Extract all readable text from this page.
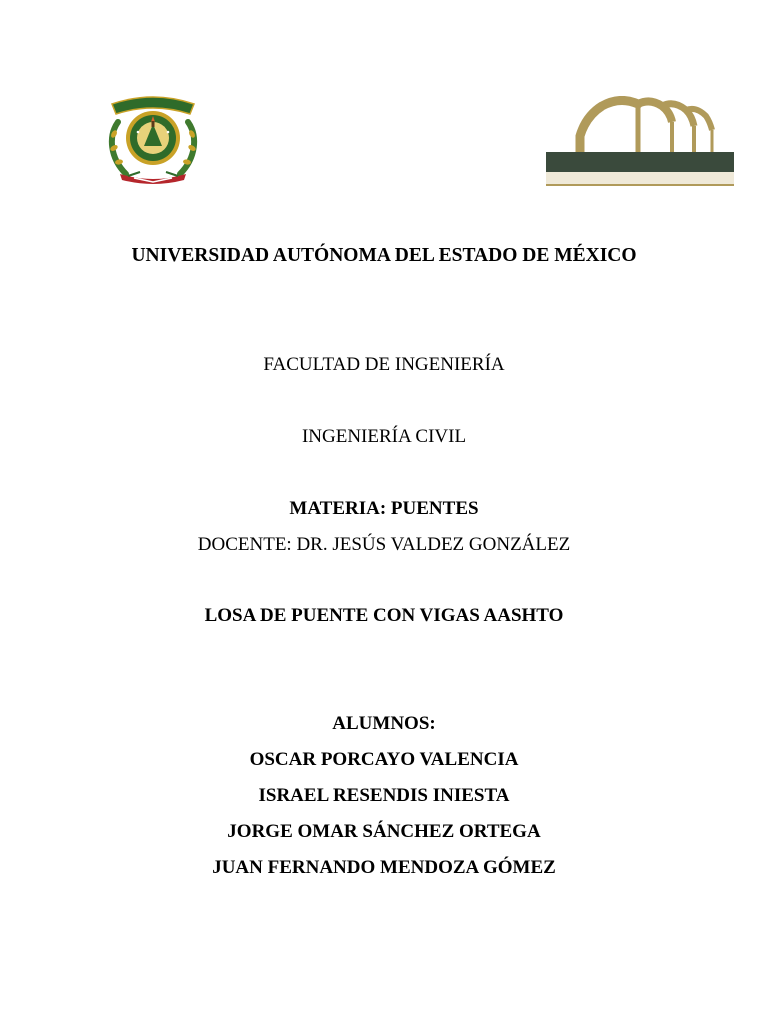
UNIVERSIDAD AUTÓNOMA DEL ESTADO DE MÉXICO
FACULTAD DE INGENIERÍA
INGENIERÍA CIVIL
MATERIA: PUENTES
DOCENTE: DR. JESÚS VALDEZ GONZÁLEZ
LOSA DE PUENTE CON VIGAS AASHTO
ALUMNOS:
OSCAR PORCAYO VALENCIA
ISRAEL RESENDIS INIESTA
JORGE OMAR SÁNCHEZ ORTEGA
JUAN FERNANDO MENDOZA GÓMEZ
